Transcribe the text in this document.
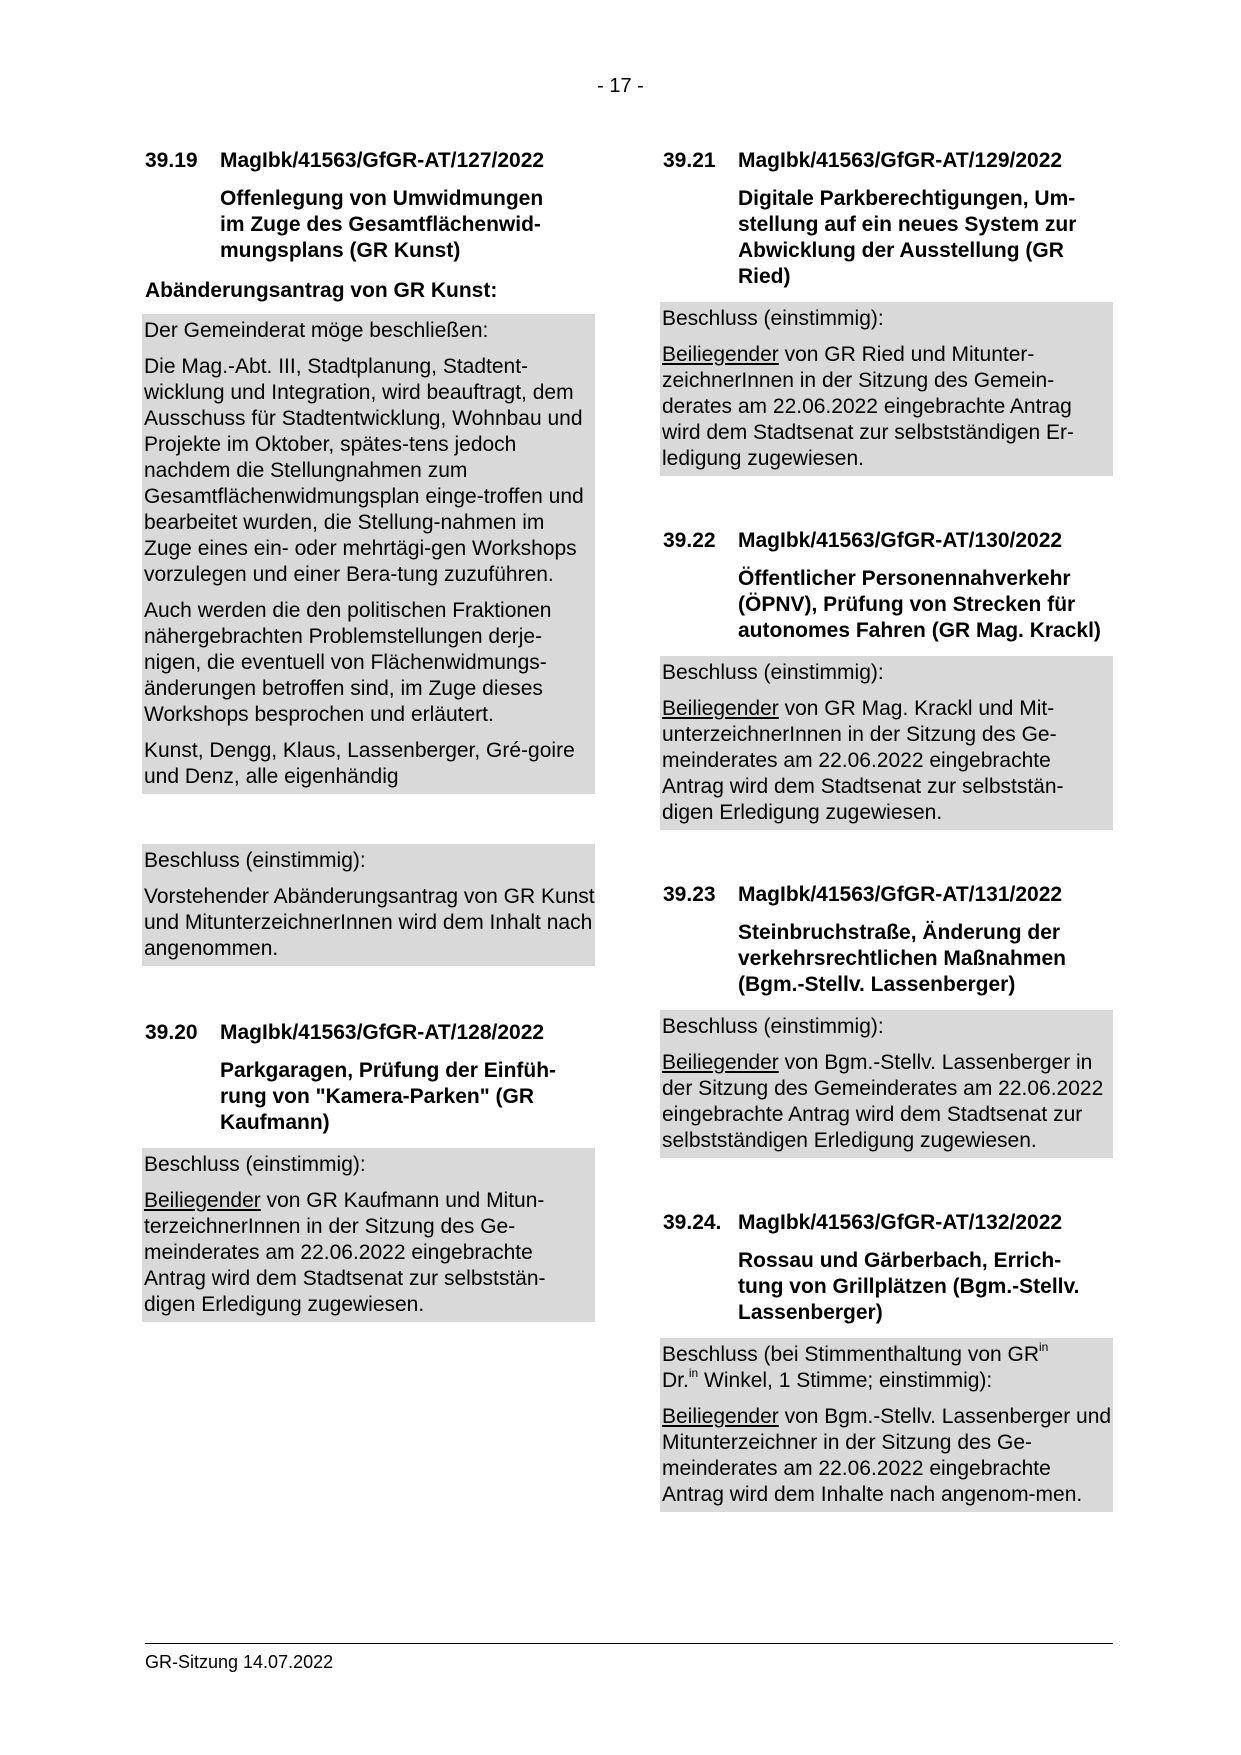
- 17 -
39.19	MagIbk/41563/GfGR-AT/127/2022
Offenlegung von Umwidmungen im Zuge des Gesamtflächenwid-mungsplans (GR Kunst)
Abänderungsantrag von GR Kunst:

Der Gemeinderat möge beschließen:

Die Mag.-Abt. III, Stadtplanung, Stadtent-wicklung und Integration, wird beauftragt, dem Ausschuss für Stadtentwicklung, Wohnbau und Projekte im Oktober, spätes-tens jedoch nachdem die Stellungnahmen zum Gesamtflächenwidmungsplan einge-troffen und bearbeitet wurden, die Stellung-nahmen im Zuge eines ein- oder mehrtägi-gen Workshops vorzulegen und einer Bera-tung zuzuführen.

Auch werden die den politischen Fraktionen nähergebrachten Problemstellungen derje-nigen, die eventuell von Flächenwidmungs-änderungen betroffen sind, im Zuge dieses Workshops besprochen und erläutert.

Kunst, Dengg, Klaus, Lassenberger, Gré-goire und Denz, alle eigenhändig

Beschluss (einstimmig):

Vorstehender Abänderungsantrag von GR Kunst und MitunterzeichnerInnen wird dem Inhalt nach angenommen.

39.20	MagIbk/41563/GfGR-AT/128/2022
Parkgaragen, Prüfung der Einfüh-rung von "Kamera-Parken" (GR Kaufmann)

Beschluss (einstimmig):

Beiliegender von GR Kaufmann und Mitun-terzeichnerInnen in der Sitzung des Ge-meinderates am 22.06.2022 eingebrachte Antrag wird dem Stadtsenat zur selbststän-digen Erledigung zugewiesen.

39.21	MagIbk/41563/GfGR-AT/129/2022
Digitale Parkberechtigungen, Um-stellung auf ein neues System zur Abwicklung der Ausstellung (GR Ried)

Beschluss (einstimmig):

Beiliegender von GR Ried und Mitunter-zeichnerInnen in der Sitzung des Gemein-derates am 22.06.2022 eingebrachte Antrag wird dem Stadtsenat zur selbstständigen Er-ledigung zugewiesen.

39.22	MagIbk/41563/GfGR-AT/130/2022
Öffentlicher Personennahverkehr (ÖPNV), Prüfung von Strecken für autonomes Fahren (GR Mag. Krackl)

Beschluss (einstimmig):

Beiliegender von GR Mag. Krackl und Mit-unterzeichnerInnen in der Sitzung des Ge-meinderates am 22.06.2022 eingebrachte Antrag wird dem Stadtsenat zur selbststän-digen Erledigung zugewiesen.

39.23	MagIbk/41563/GfGR-AT/131/2022
Steinbruchstraße, Änderung der verkehrsrechtlichen Maßnahmen (Bgm.-Stellv. Lassenberger)

Beschluss (einstimmig):

Beiliegender von Bgm.-Stellv. Lassenberger in der Sitzung des Gemeinderates am 22.06.2022 eingebrachte Antrag wird dem Stadtsenat zur selbstständigen Erledigung zugewiesen.

39.24. MagIbk/41563/GfGR-AT/132/2022
Rossau und Gärberbach, Errich-tung von Grillplätzen (Bgm.-Stellv. Lassenberger)

Beschluss (bei Stimmenthaltung von $GR^{in}$
Dr.$^{in}$ Winkel, 1 Stimme; einstimmig):

Beiliegender von Bgm.-Stellv. Lassenberger und Mitunterzeichner in der Sitzung des Ge-meinderates am 22.06.2022 eingebrachte Antrag wird dem Inhalte nach angenom-men.

GR-Sitzung 14.07.2022
